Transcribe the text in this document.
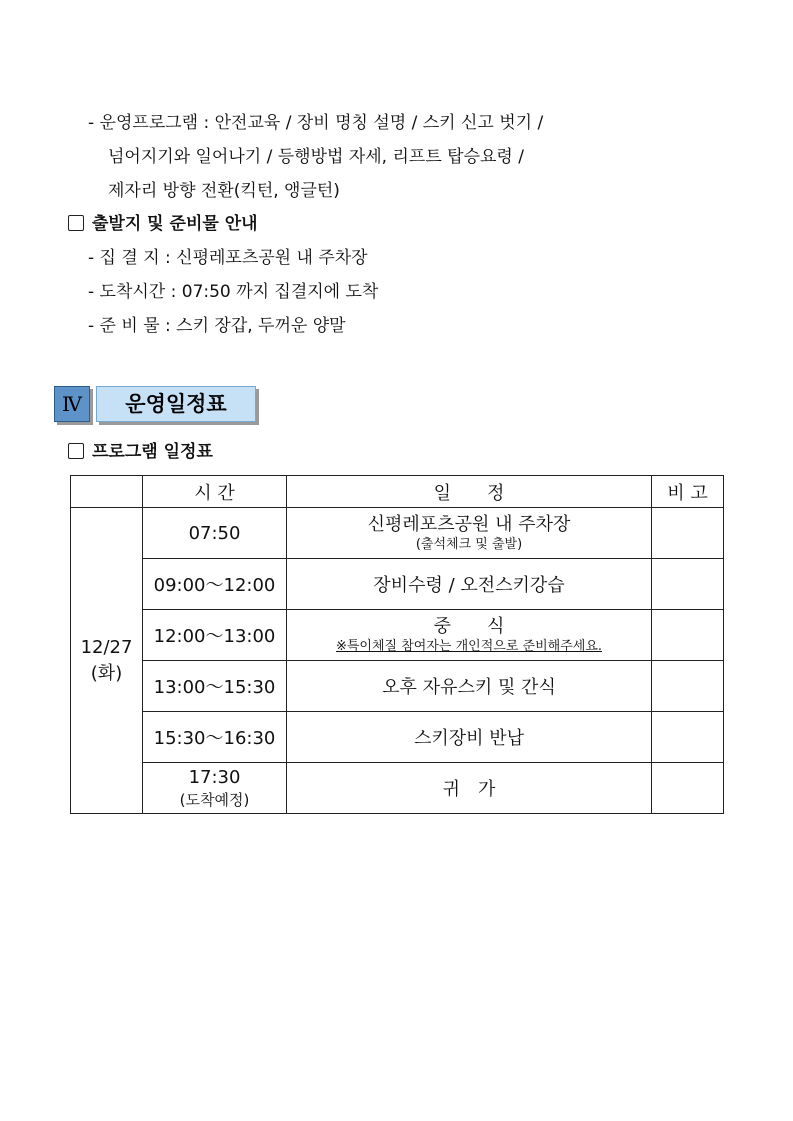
- 운영프로그램 : 안전교육 / 장비 명칭 설명 / 스키 신고 벗기 /
넘어지기와 일어나기 / 등행방법 자세, 리프트 탑승요령 /
제자리 방향 전환(킥턴, 앵글턴)
출발지 및 준비물 안내
- 집 결 지 : 신평레포츠공원 내 주차장
- 도착시간 : 07:50 까지 집결지에 도착
- 준 비 물 : 스키 장갑, 두꺼운 양말
Ⅳ	운영일정표
프로그램 일정표
	시 간	일　　정	비 고
12/27
(화)	07:50	신평레포츠공원 내 주차장
(출석체크 및 출발)	

	09:00～12:00	장비수령 / 오전스키강습	
	12:00～13:00	중　　식
※특이체질 참여자는 개인적으로 준비해주세요.	

	13:00～15:30	오후 자유스키 및 간식	
	15:30～16:30	스키장비 반납	

	17:30
(도착예정)	귀　가	
